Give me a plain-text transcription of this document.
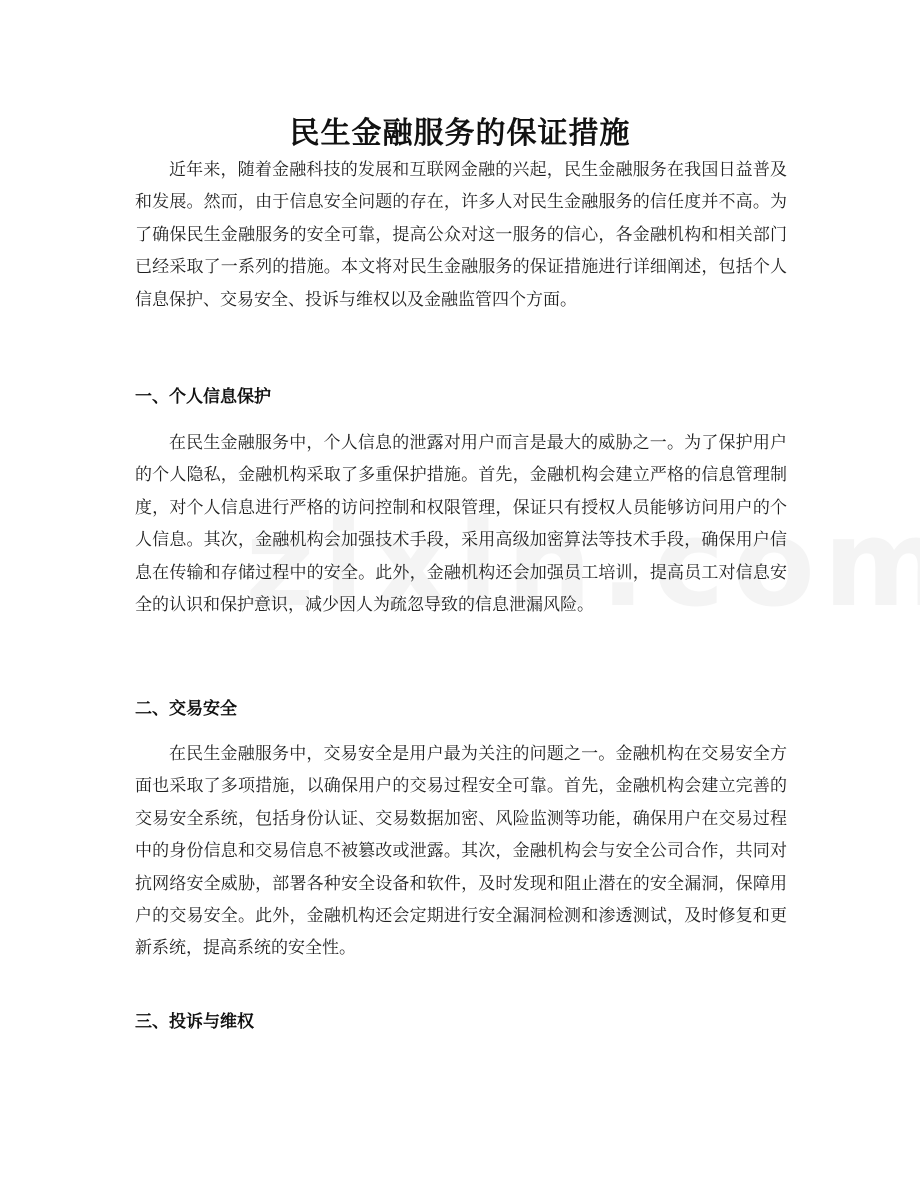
民生金融服务的保证措施

近年来，随着金融科技的发展和互联网金融的兴起，民生金融服务在我国日益普及和发展。然而，由于信息安全问题的存在，许多人对民生金融服务的信任度并不高。为了确保民生金融服务的安全可靠，提高公众对这一服务的信心，各金融机构和相关部门已经采取了一系列的措施。本文将对民生金融服务的保证措施进行详细阐述，包括个人信息保护、交易安全、投诉与维权以及金融监管四个方面。

一、个人信息保护

在民生金融服务中，个人信息的泄露对用户而言是最大的威胁之一。为了保护用户的个人隐私，金融机构采取了多重保护措施。首先，金融机构会建立严格的信息管理制度，对个人信息进行严格的访问控制和权限管理，保证只有授权人员能够访问用户的个人信息。其次，金融机构会加强技术手段，采用高级加密算法等技术手段，确保用户信息在传输和存储过程中的安全。此外，金融机构还会加强员工培训，提高员工对信息安全的认识和保护意识，减少因人为疏忽导致的信息泄漏风险。

二、交易安全

在民生金融服务中，交易安全是用户最为关注的问题之一。金融机构在交易安全方面也采取了多项措施，以确保用户的交易过程安全可靠。首先，金融机构会建立完善的交易安全系统，包括身份认证、交易数据加密、风险监测等功能，确保用户在交易过程中的身份信息和交易信息不被篡改或泄露。其次，金融机构会与安全公司合作，共同对抗网络安全威胁，部署各种安全设备和软件，及时发现和阻止潜在的安全漏洞，保障用户的交易安全。此外，金融机构还会定期进行安全漏洞检测和渗透测试，及时修复和更新系统，提高系统的安全性。

三、投诉与维权
